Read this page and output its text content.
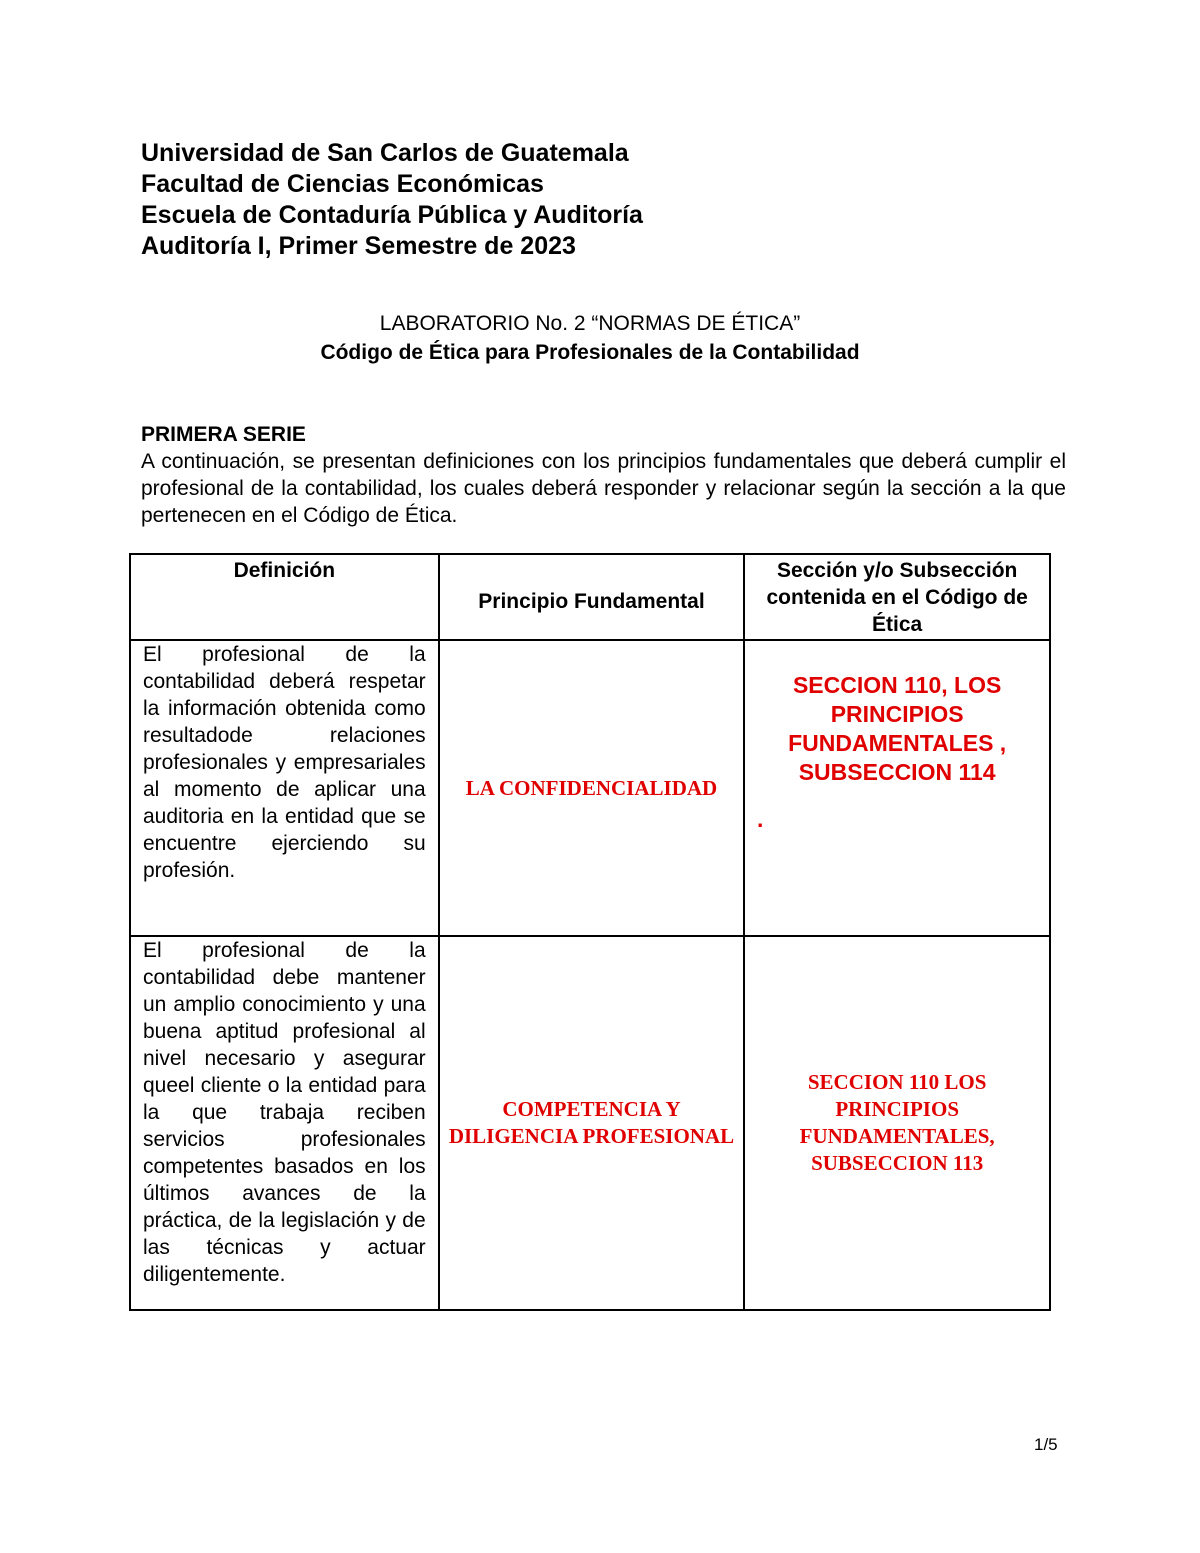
Universidad de San Carlos de Guatemala
Facultad de Ciencias Económicas
Escuela de Contaduría Pública y Auditoría
Auditoría I, Primer Semestre de 2023
LABORATORIO No. 2 “NORMAS DE ÉTICA”
Código de Ética para Profesionales de la Contabilidad
PRIMERA SERIE
A continuación, se presentan definiciones con los principios fundamentales que deberá cumplir el profesional de la contabilidad, los cuales deberá responder y relacionar según la sección a la que pertenecen en el Código de Ética.
Definición	Principio Fundamental	Sección y/o Subsección contenida en el Código de Ética
El profesional de la contabilidad deberá respetar la información obtenida como resultadode relaciones profesionales y empresariales al momento de aplicar una auditoria en la entidad que se encuentre ejerciendo su profesión.	LA CONFIDENCIALIDAD	SECCION 110, LOS PRINCIPIOS FUNDAMENTALES , SUBSECCION 114
El profesional de la contabilidad debe mantener un amplio conocimiento y una buena aptitud profesional al nivel necesario y asegurar queel cliente o la entidad para la que trabaja reciben servicios profesionales competentes basados en los últimos avances de la práctica, de la legislación y de las técnicas y actuar diligentemente.	COMPETENCIA Y DILIGENCIA PROFESIONAL	SECCION 110 LOS PRINCIPIOS FUNDAMENTALES, SUBSECCION 113
.
1/5
